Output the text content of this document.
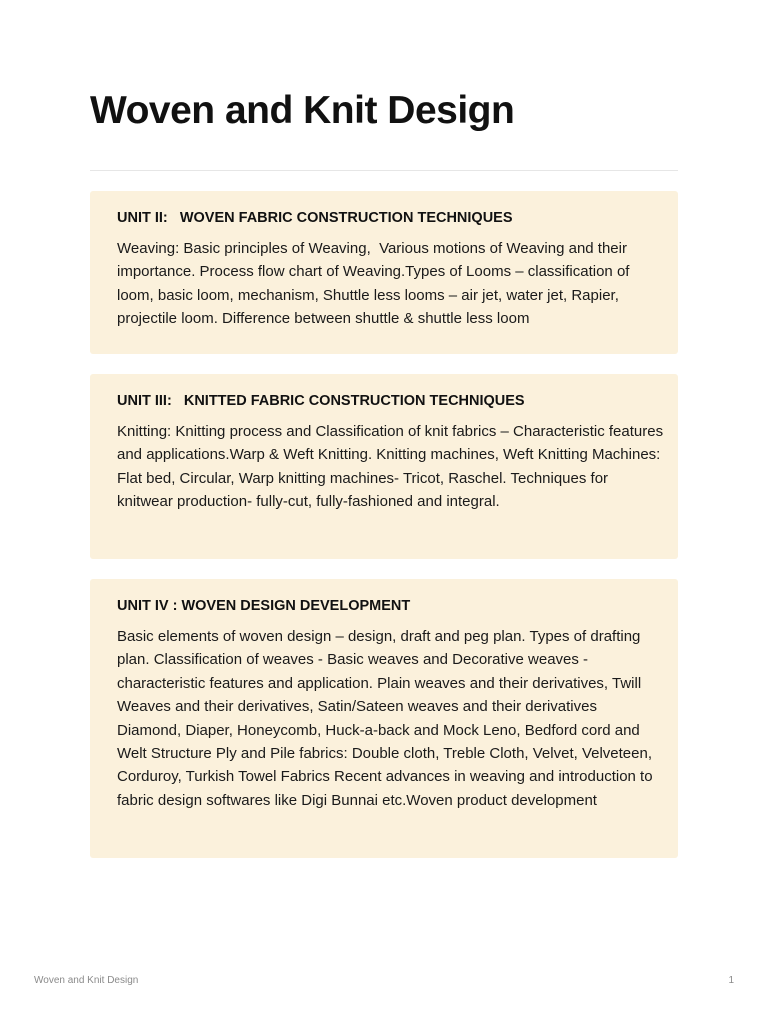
Woven and Knit Design
UNIT II:   WOVEN FABRIC CONSTRUCTION TECHNIQUES

Weaving: Basic principles of Weaving,  Various motions of Weaving and their importance. Process flow chart of Weaving.Types of Looms – classification of loom, basic loom, mechanism, Shuttle less looms – air jet, water jet, Rapier, projectile loom. Difference between shuttle & shuttle less loom

UNIT III:   KNITTED FABRIC CONSTRUCTION TECHNIQUES

Knitting: Knitting process and Classification of knit fabrics – Characteristic features and applications.Warp & Weft Knitting. Knitting machines, Weft Knitting Machines: Flat bed, Circular, Warp knitting machines- Tricot, Raschel. Techniques for knitwear production- fully-cut, fully-fashioned and integral.

UNIT IV : WOVEN DESIGN DEVELOPMENT

Basic elements of woven design – design, draft and peg plan. Types of drafting plan. Classification of weaves - Basic weaves and Decorative weaves - characteristic features and application. Plain weaves and their derivatives, Twill Weaves and their derivatives, Satin/Sateen weaves and their derivatives Diamond, Diaper, Honeycomb, Huck-a-back and Mock Leno, Bedford cord and Welt Structure Ply and Pile fabrics: Double cloth, Treble Cloth, Velvet, Velveteen, Corduroy, Turkish Towel Fabrics Recent advances in weaving and introduction to fabric design softwares like Digi Bunnai etc.Woven product development

Woven and Knit Design	1
